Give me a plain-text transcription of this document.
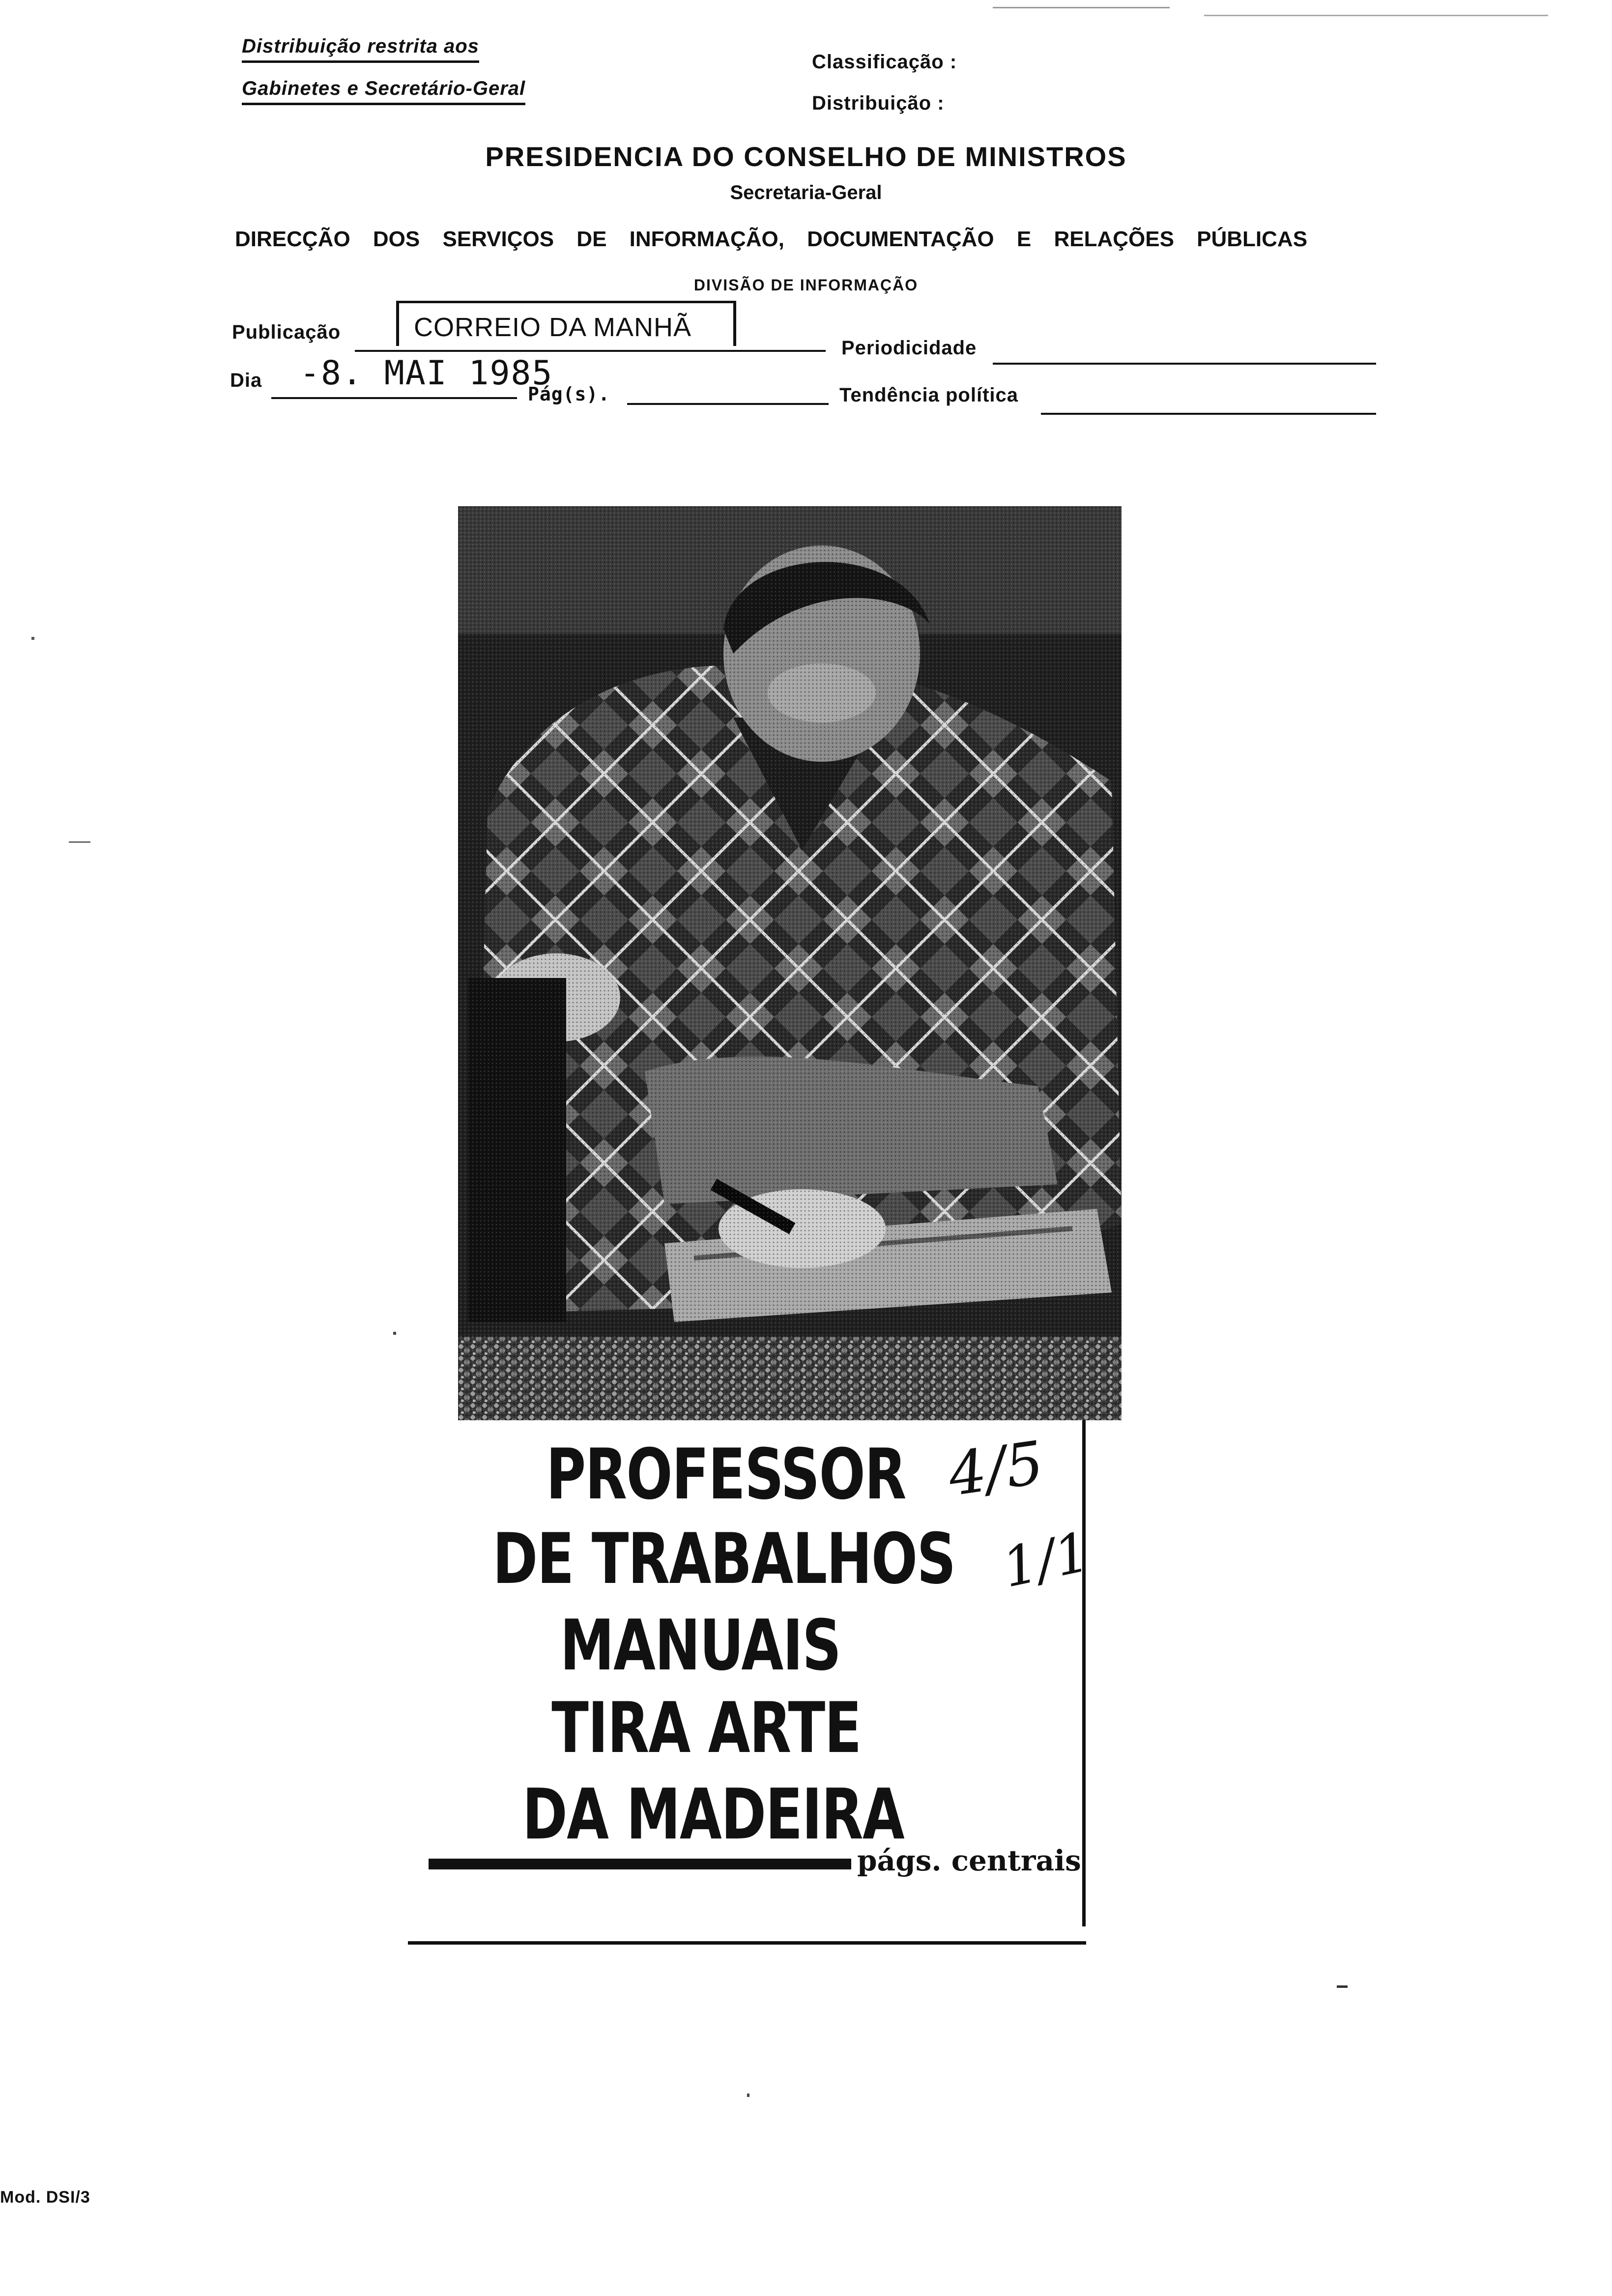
Distribuição restrita aos
Gabinetes e Secretário-Geral
Classificação :
Distribuição :
PRESIDENCIA DO CONSELHO DE MINISTROS
Secretaria-Geral
DIRECÇÃO DOS SERVIÇOS DE INFORMAÇÃO, DOCUMENTAÇÃO E RELAÇÕES PÚBLICAS
DIVISÃO DE INFORMAÇÃO
Publicação	CORREIO DA MANHÃ
Periodicidade
Dia -8. MAI 1985
Pág(s).	Tendência política
PROFESSOR
DE TRABALHOS
MANUAIS
TIRA ARTE
DA MADEIRA
págs. centrais
4/5
1/1
Mod. DSI/3
